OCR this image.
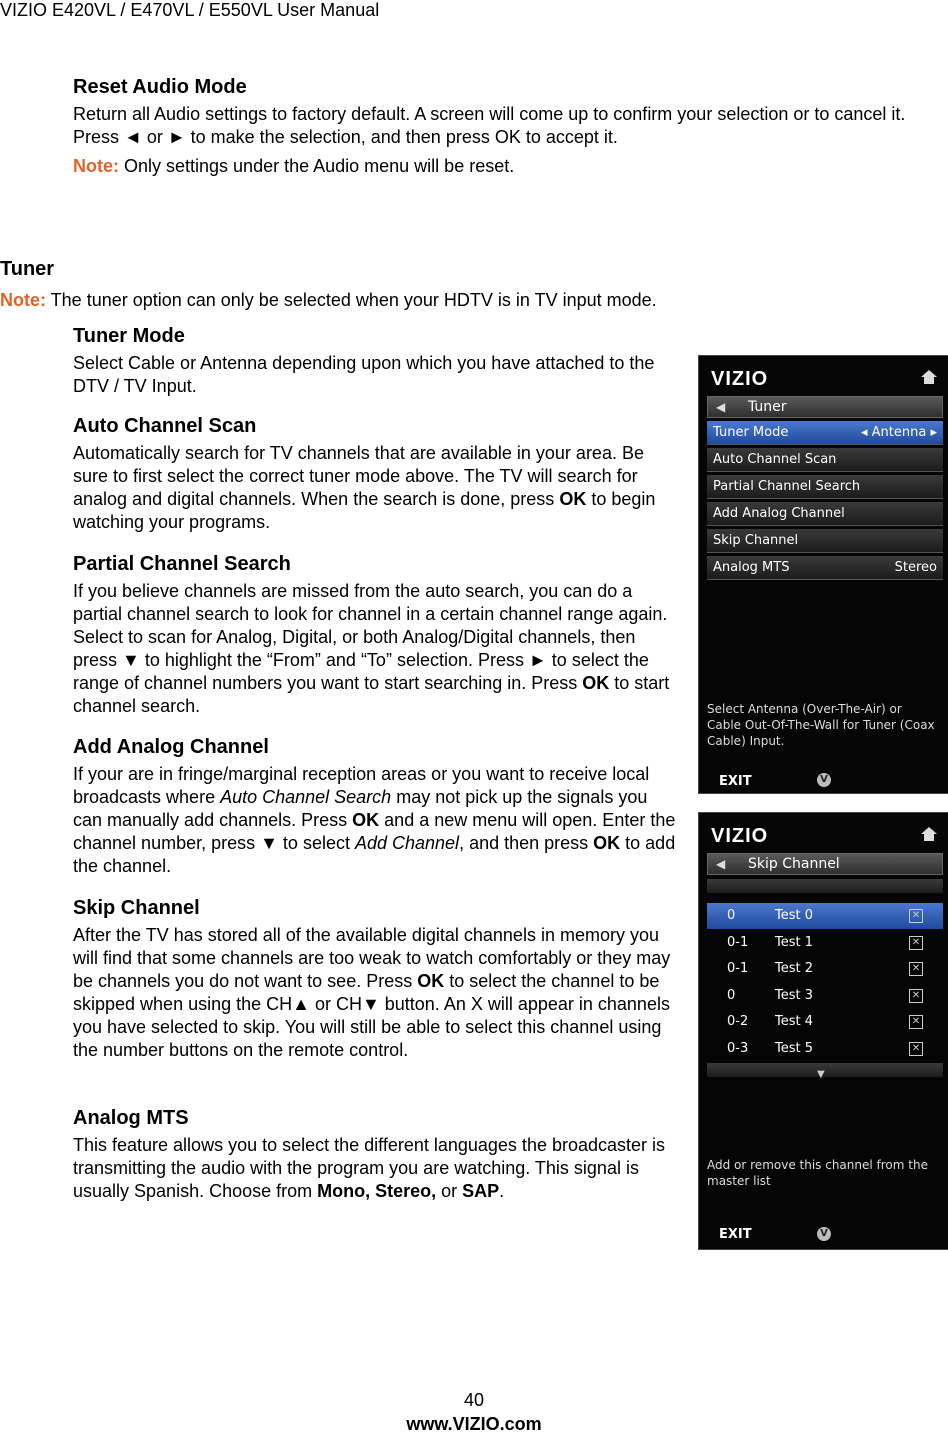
VIZIO E420VL / E470VL / E550VL User Manual

Reset Audio Mode

Return all Audio settings to factory default. A screen will come up to confirm your selection or to cancel it. Press ◄ or ► to make the selection, and then press OK to accept it.

Note: Only settings under the Audio menu will be reset.

Tuner

Note: The tuner option can only be selected when your HDTV is in TV input mode.

Tuner Mode

Select Cable or Antenna depending upon which you have attached to the DTV / TV Input.

Auto Channel Scan

Automatically search for TV channels that are available in your area. Be sure to first select the correct tuner mode above. The TV will search for analog and digital channels. When the search is done, press OK to begin watching your programs.

Partial Channel Search

If you believe channels are missed from the auto search, you can do a partial channel search to look for channel in a certain channel range again. Select to scan for Analog, Digital, or both Analog/Digital channels, then press ▼ to highlight the “From” and “To” selection. Press ► to select the range of channel numbers you want to start searching in. Press OK to start channel search.

Add Analog Channel

If your are in fringe/marginal reception areas or you want to receive local broadcasts where Auto Channel Search may not pick up the signals you can manually add channels. Press OK and a new menu will open. Enter the channel number, press ▼ to select Add Channel, and then press OK to add the channel.

Skip Channel

After the TV has stored all of the available digital channels in memory you will find that some channels are too weak to watch comfortably or they may be channels you do not want to see. Press OK to select the channel to be skipped when using the CH▲ or CH▼ button. An X will appear in channels you have selected to skip. You will still be able to select this channel using the number buttons on the remote control.

Analog MTS

This feature allows you to select the different languages the broadcaster is transmitting the audio with the program you are watching. This signal is usually Spanish. Choose from Mono, Stereo, or SAP.

VIZIO
◀ Tuner
Tuner Mode	◂ Antenna ▸
Auto Channel Scan
Partial Channel Search
Add Analog Channel
Skip Channel
Analog MTS	Stereo
Select Antenna (Over-The-Air) or Cable Out-Of-The-Wall for Tuner (Coax Cable) Input.
EXIT	V
VIZIO
◀ Skip Channel
0	Test 0	✕
0-1 Test 1	✕
0-1 Test 2	✕
0	Test 3	✕
0-2 Test 4	✕
0-3 Test 5	✕
▼
Add or remove this channel from the master list
EXIT	V
40
www.VIZIO.com
